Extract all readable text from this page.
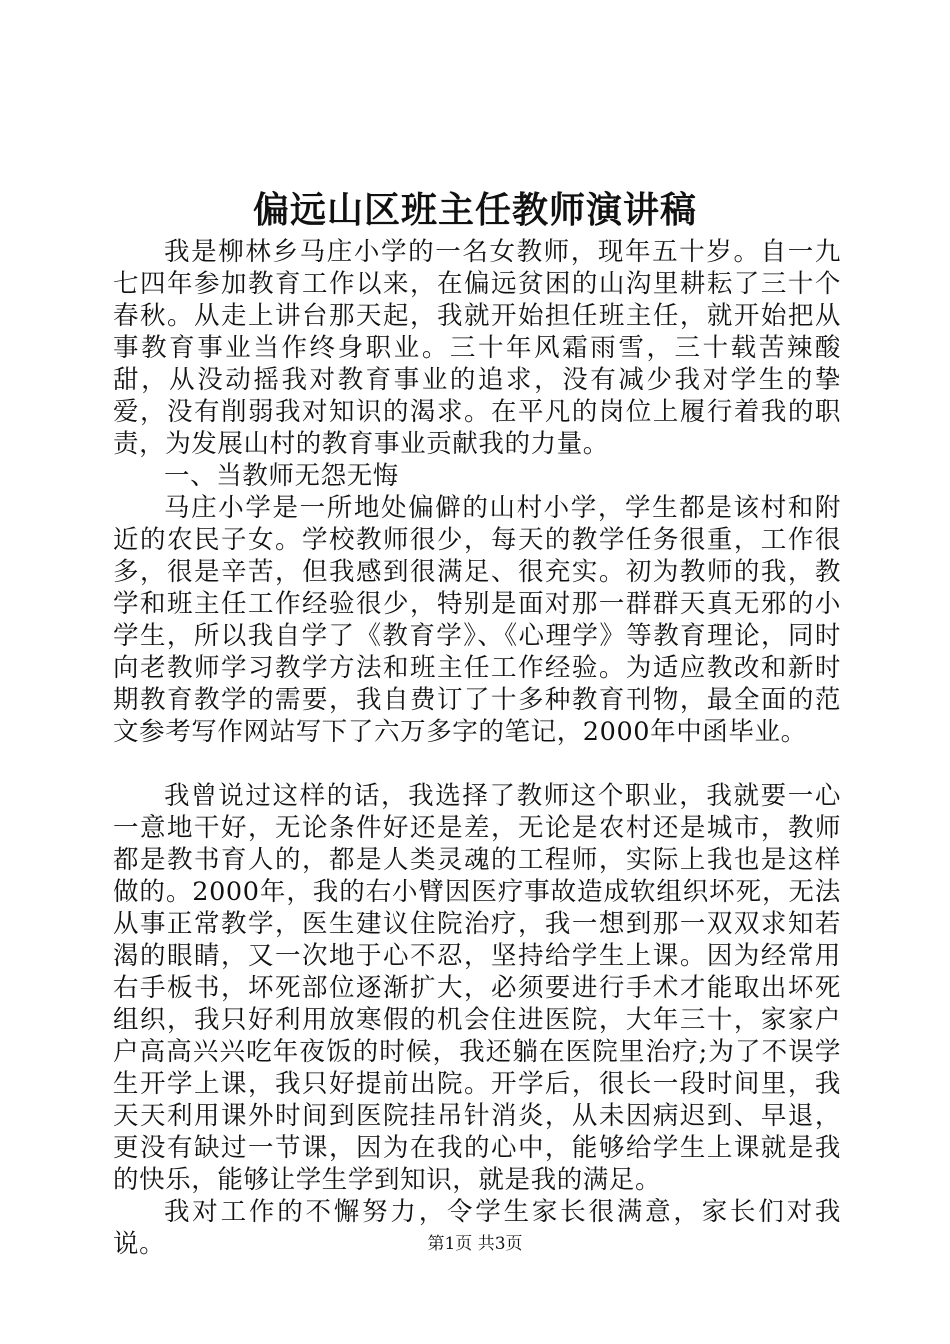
偏远山区班主任教师演讲稿

我是柳林乡马庄小学的一名女教师，现年五十岁。自一九七四年参加教育工作以来，在偏远贫困的山沟里耕耘了三十个春秋。从走上讲台那天起，我就开始担任班主任，就开始把从事教育事业当作终身职业。三十年风霜雨雪，三十载苦辣酸甜，从没动摇我对教育事业的追求，没有减少我对学生的挚爱，没有削弱我对知识的渴求。在平凡的岗位上履行着我的职责，为发展山村的教育事业贡献我的力量。

一、当教师无怨无悔

马庄小学是一所地处偏僻的山村小学，学生都是该村和附近的农民子女。学校教师很少，每天的教学任务很重，工作很多，很是辛苦，但我感到很满足、很充实。初为教师的我，教学和班主任工作经验很少，特别是面对那一群群天真无邪的小学生，所以我自学了《教育学》、《心理学》等教育理论，同时向老教师学习教学方法和班主任工作经验。为适应教改和新时期教育教学的需要，我自费订了十多种教育刊物，最全面的范文参考写作网站写下了六万多字的笔记，2000年中函毕业。

我曾说过这样的话，我选择了教师这个职业，我就要一心一意地干好，无论条件好还是差，无论是农村还是城市，教师都是教书育人的，都是人类灵魂的工程师，实际上我也是这样做的。2000年，我的右小臂因医疗事故造成软组织坏死，无法从事正常教学，医生建议住院治疗，我一想到那一双双求知若渴的眼睛，又一次地于心不忍，坚持给学生上课。因为经常用右手板书，坏死部位逐渐扩大，必须要进行手术才能取出坏死组织，我只好利用放寒假的机会住进医院，大年三十，家家户户高高兴兴吃年夜饭的时候，我还躺在医院里治疗;为了不误学生开学上课，我只好提前出院。开学后，很长一段时间里，我天天利用课外时间到医院挂吊针消炎，从未因病迟到、早退，更没有缺过一节课，因为在我的心中，能够给学生上课就是我的快乐，能够让学生学到知识，就是我的满足。

我对工作的不懈努力，令学生家长很满意，家长们对我说。	第1页 共3页
